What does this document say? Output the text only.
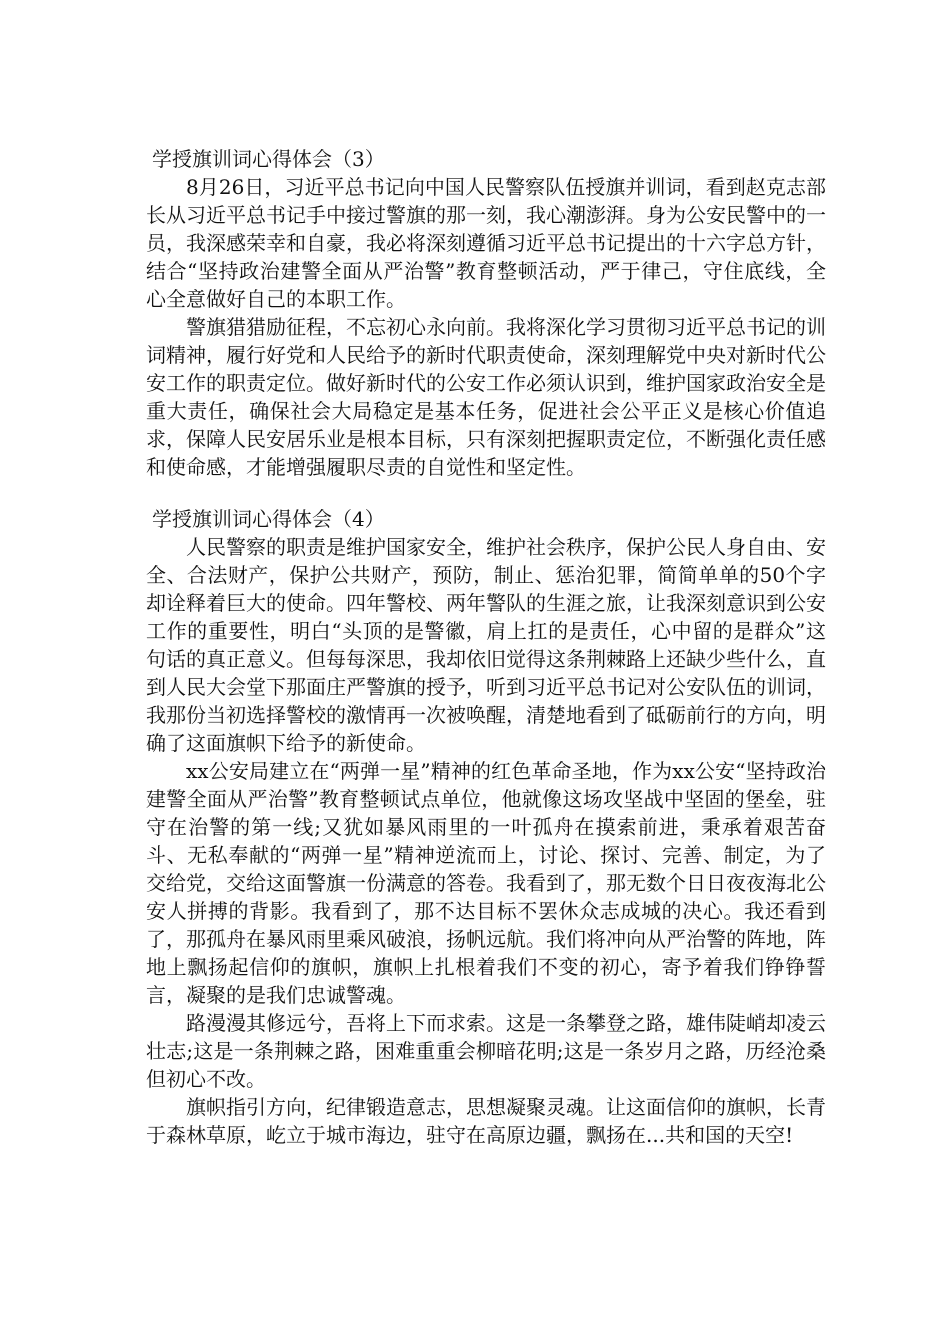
学授旗训词心得体会（3）

8月26日，习近平总书记向中国人民警察队伍授旗并训词，看到赵克志部长从习近平总书记手中接过警旗的那一刻，我心潮澎湃。身为公安民警中的一员，我深感荣幸和自豪，我必将深刻遵循习近平总书记提出的十六字总方针，结合“坚持政治建警全面从严治警”教育整顿活动，严于律己，守住底线，全心全意做好自己的本职工作。

警旗猎猎励征程，不忘初心永向前。我将深化学习贯彻习近平总书记的训词精神，履行好党和人民给予的新时代职责使命，深刻理解党中央对新时代公安工作的职责定位。做好新时代的公安工作必须认识到，维护国家政治安全是重大责任，确保社会大局稳定是基本任务，促进社会公平正义是核心价值追求，保障人民安居乐业是根本目标，只有深刻把握职责定位，不断强化责任感和使命感，才能增强履职尽责的自觉性和坚定性。

学授旗训词心得体会（4）

人民警察的职责是维护国家安全，维护社会秩序，保护公民人身自由、安全、合法财产，保护公共财产，预防，制止、惩治犯罪，简简单单的50个字却诠释着巨大的使命。四年警校、两年警队的生涯之旅，让我深刻意识到公安工作的重要性，明白“头顶的是警徽，肩上扛的是责任，心中留的是群众”这句话的真正意义。但每每深思，我却依旧觉得这条荆棘路上还缺少些什么，直到人民大会堂下那面庄严警旗的授予，听到习近平总书记对公安队伍的训词，我那份当初选择警校的激情再一次被唤醒，清楚地看到了砥砺前行的方向，明确了这面旗帜下给予的新使命。

xx公安局建立在“两弹一星”精神的红色革命圣地，作为xx公安“坚持政治建警全面从严治警”教育整顿试点单位，他就像这场攻坚战中坚固的堡垒，驻守在治警的第一线;又犹如暴风雨里的一叶孤舟在摸索前进，秉承着艰苦奋斗、无私奉献的“两弹一星”精神逆流而上，讨论、探讨、完善、制定，为了交给党，交给这面警旗一份满意的答卷。我看到了，那无数个日日夜夜海北公安人拼搏的背影。我看到了，那不达目标不罢休众志成城的决心。我还看到了，那孤舟在暴风雨里乘风破浪，扬帆远航。我们将冲向从严治警的阵地，阵地上飘扬起信仰的旗帜，旗帜上扎根着我们不变的初心，寄予着我们铮铮誓言，凝聚的是我们忠诚警魂。

路漫漫其修远兮，吾将上下而求索。这是一条攀登之路，雄伟陡峭却凌云壮志;这是一条荆棘之路，困难重重会柳暗花明;这是一条岁月之路，历经沧桑但初心不改。

旗帜指引方向，纪律锻造意志，思想凝聚灵魂。让这面信仰的旗帜，长青于森林草原，屹立于城市海边，驻守在高原边疆，飘扬在...共和国的天空!
